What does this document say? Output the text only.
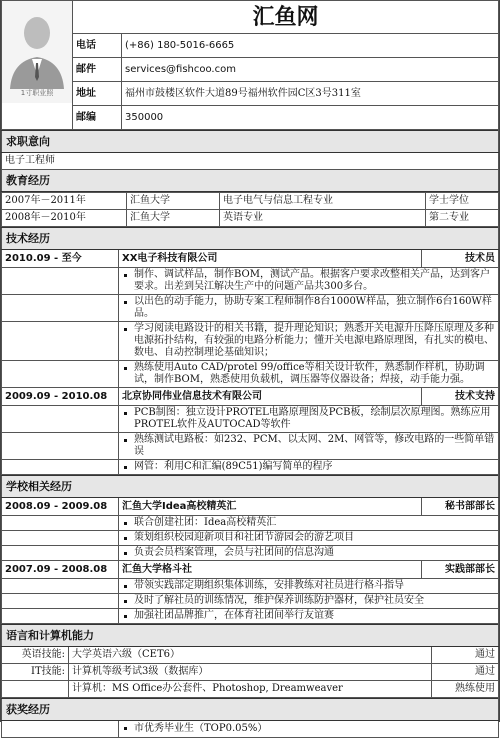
1寸职业照	汇鱼网	
	电话	(+86) 180-5016-6665
	邮件	services@fishcoo.com
	地址	福州市鼓楼区软件大道89号福州软件园C区3号311室
	邮编	350000
求职意向
电子工程师
教育经历
2007年－2011年	汇鱼大学	电子电气与信息工程专业	学士学位
2008年－2010年	汇鱼大学	英语专业	第二专业
技术经历		
2010.09 - 至今	XX电子科技有限公司	技术员
	制作、调试样品，制作BOM，测试产品。根据客户要求改整相关产品，达到客户要求。出差到吴江解决生产中的问题产品共300多台。	
	以出色的动手能力，协助专案工程师制作8台1000W样品，独立制作6台160W样品。	
	学习阅读电路设计的相关书籍，提升理论知识；熟悉开关电源升压降压原理及多种电源拓扑结构，有较强的电路分析能力；懂开关电源电路原理图，有扎实的模电、数电、自动控制理论基础知识；	
	熟练使用Auto CAD/protel 99/office等相关设计软件，熟悉制作样机，协助调试，制作BOM，熟悉使用负载机，调压器等仪器设备；焊接，动手能力强。	
2009.09 - 2010.08	北京协同伟业信息技术有限公司	技术支持
	PCB制图：独立设计PROTEL电路原理图及PCB板，绘制层次原理图。熟练应用PROTEL软件及AUTOCAD等软件	
	熟练测试电路板：如232、PCM、以太网、2M、网管等，修改电路的一些简单错误	
	网管：利用C和汇编(89C51)编写简单的程序	
学校相关经历		
2008.09 - 2009.08	汇鱼大学Idea高校精英汇	秘书部部长
	联合创建社团：Idea高校精英汇	
	策划组织校园迎新项目和社团节游园会的游艺项目	
	负责会员档案管理，会员与社团间的信息沟通	
2007.09 - 2008.08	汇鱼大学格斗社	实践部部长
	带领实践部定期组织集体训练，安排教练对社员进行格斗指导	
	及时了解社员的训练情况，维护保养训练防护器材，保护社员安全	
	加强社团品牌推广，在体育社团间举行友谊赛	
语言和计算机能力		
英语技能:	大学英语六级（CET6）	通过
IT技能:	计算机等级考试3级（数据库）	通过
	计算机：MS Office办公套件、Photoshop, Dreamweaver	熟练使用
获奖经历
	市优秀毕业生（TOP0.05%）
